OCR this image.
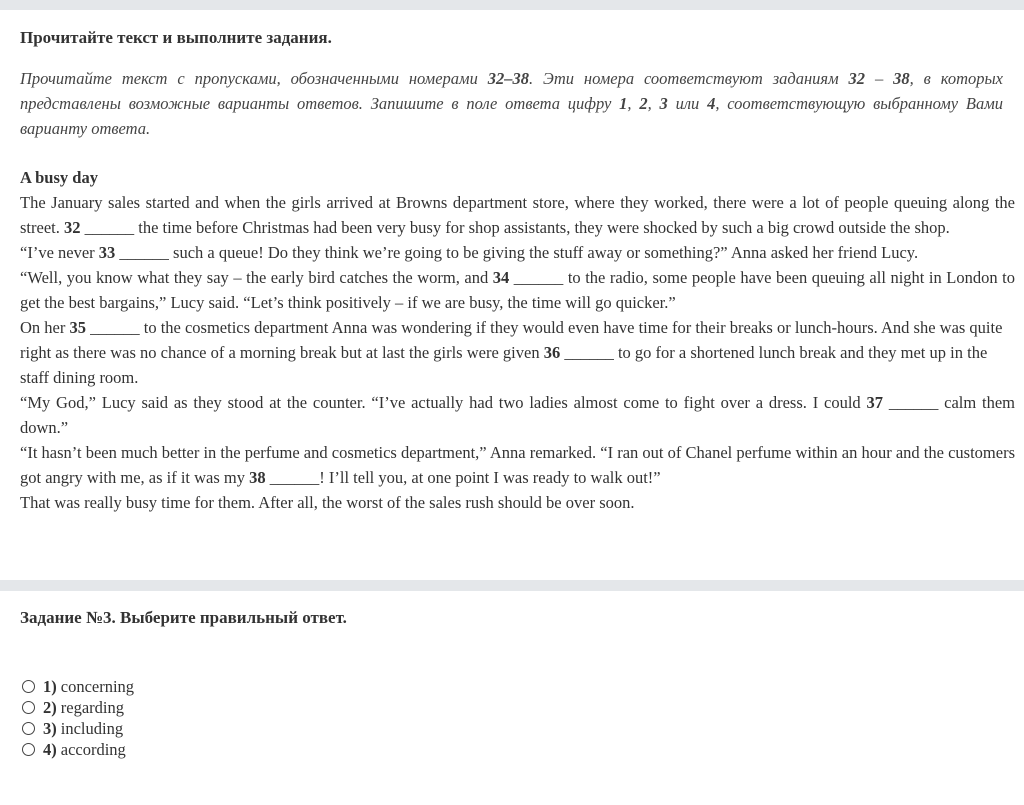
Прочитайте текст и выполните задания.
Прочитайте текст с пропусками, обозначенными номерами 32–38. Эти номера соответствуют заданиям 32 – 38, в которых представлены возможные варианты ответов. Запишите в поле ответа цифру 1, 2, 3 или 4, соответствующую выбранному Вами варианту ответа.

A busy day

The January sales started and when the girls arrived at Browns department store, where they worked, there were a lot of people queuing along the street. 32 ______ the time before Christmas had been very busy for shop assistants, they were shocked by such a big crowd outside the shop.

“I’ve never 33 ______ such a queue! Do they think we’re going to be giving the stuff away or something?” Anna asked her friend Lucy.

“Well, you know what they say – the early bird catches the worm, and 34 ______ to the radio, some people have been queuing all night in London to get the best bargains,” Lucy said. “Let’s think positively – if we are busy, the time will go quicker.”

On her 35 ______ to the cosmetics department Anna was wondering if they would even have time for their breaks or lunch-hours. And she was quite right as there was no chance of a morning break but at last the girls were given 36 ______ to go for a shortened lunch break and they met up in the staff dining room.

“My God,” Lucy said as they stood at the counter. “I’ve actually had two ladies almost come to fight over a dress. I could 37 ______ calm them down.”

“It hasn’t been much better in the perfume and cosmetics department,” Anna remarked. “I ran out of Chanel perfume within an hour and the customers got angry with me, as if it was my 38 ______! I’ll tell you, at one point I was ready to walk out!”

That was really busy time for them. After all, the worst of the sales rush should be over soon.

Задание №3. Выберите правильный ответ.
1) concerning
2) regarding
3) including
4) according
